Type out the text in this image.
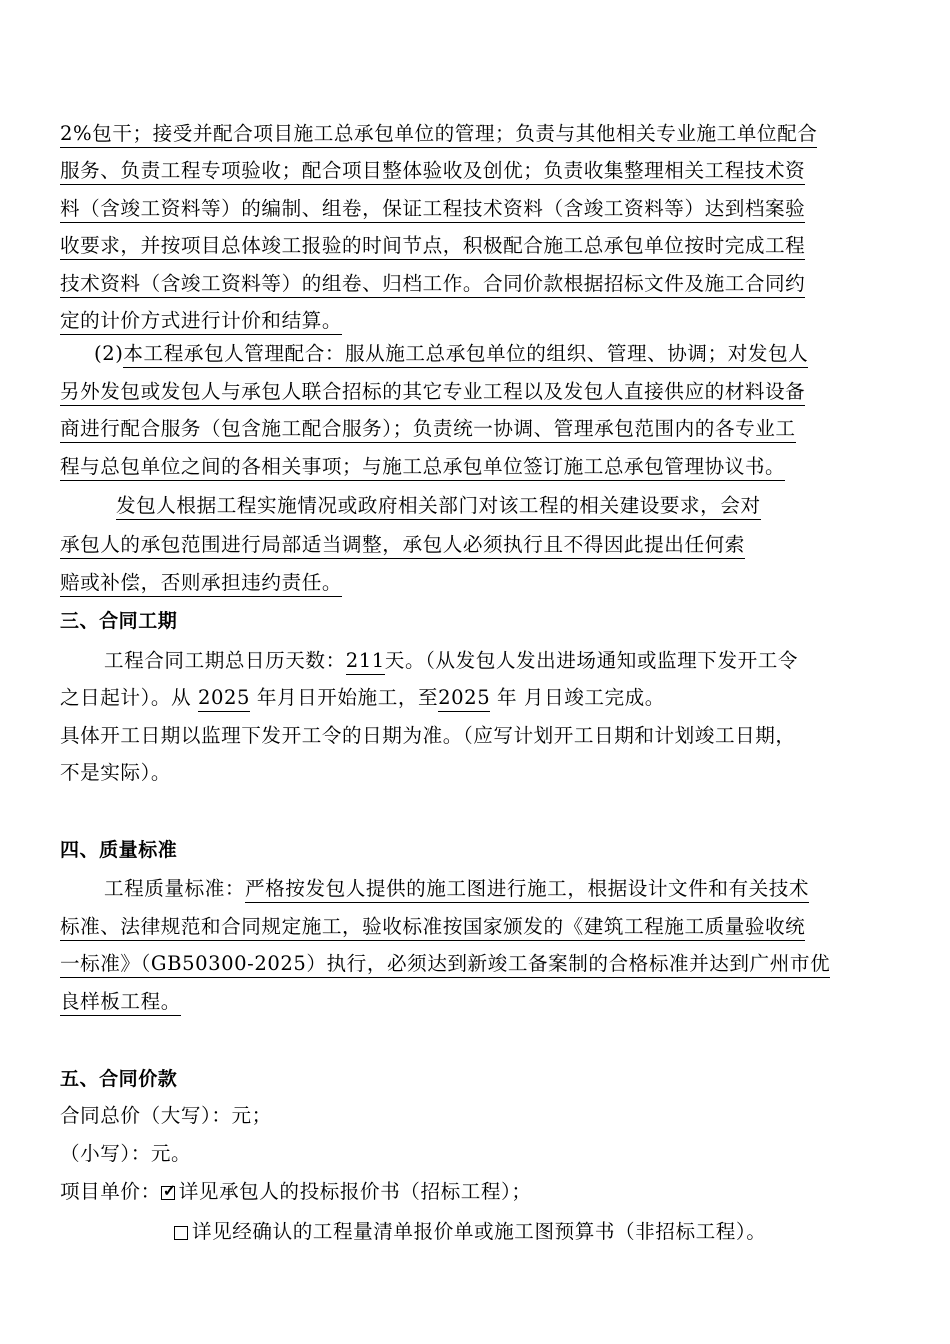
2%包干；接受并配合项目施工总承包单位的管理；负责与其他相关专业施工单位配合
服务、负责工程专项验收；配合项目整体验收及创优；负责收集整理相关工程技术资
料（含竣工资料等）的编制、组卷，保证工程技术资料（含竣工资料等）达到档案验
收要求，并按项目总体竣工报验的时间节点，积极配合施工总承包单位按时完成工程
技术资料（含竣工资料等）的组卷、归档工作。合同价款根据招标文件及施工合同约
定的计价方式进行计价和结算。
(2)本工程承包人管理配合：服从施工总承包单位的组织、管理、协调；对发包人
另外发包或发包人与承包人联合招标的其它专业工程以及发包人直接供应的材料设备
商进行配合服务（包含施工配合服务）；负责统一协调、管理承包范围内的各专业工
程与总包单位之间的各相关事项；与施工总承包单位签订施工总承包管理协议书。
发包人根据工程实施情况或政府相关部门对该工程的相关建设要求，会对
承包人的承包范围进行局部适当调整，承包人必须执行且不得因此提出任何索
赔或补偿，否则承担违约责任。
三、合同工期
工程合同工期总日历天数：211天。（从发包人发出进场通知或监理下发开工令
之日起计）。从 2025 年月日开始施工，至2025 年 月日竣工完成。
具体开工日期以监理下发开工令的日期为准。（应写计划开工日期和计划竣工日期，
不是实际）。
四、质量标准
工程质量标准：严格按发包人提供的施工图进行施工，根据设计文件和有关技术
标准、法律规范和合同规定施工，验收标准按国家颁发的《建筑工程施工质量验收统
一标准》（GB50300-2025）执行，必须达到新竣工备案制的合格标准并达到广州市优
良样板工程。
五、合同价款
合同总价（大写）：元；
（小写）：元。
项目单价： ✓ 详见承包人的投标报价书（招标工程）；
详见经确认的工程量清单报价单或施工图预算书（非招标工程）。
